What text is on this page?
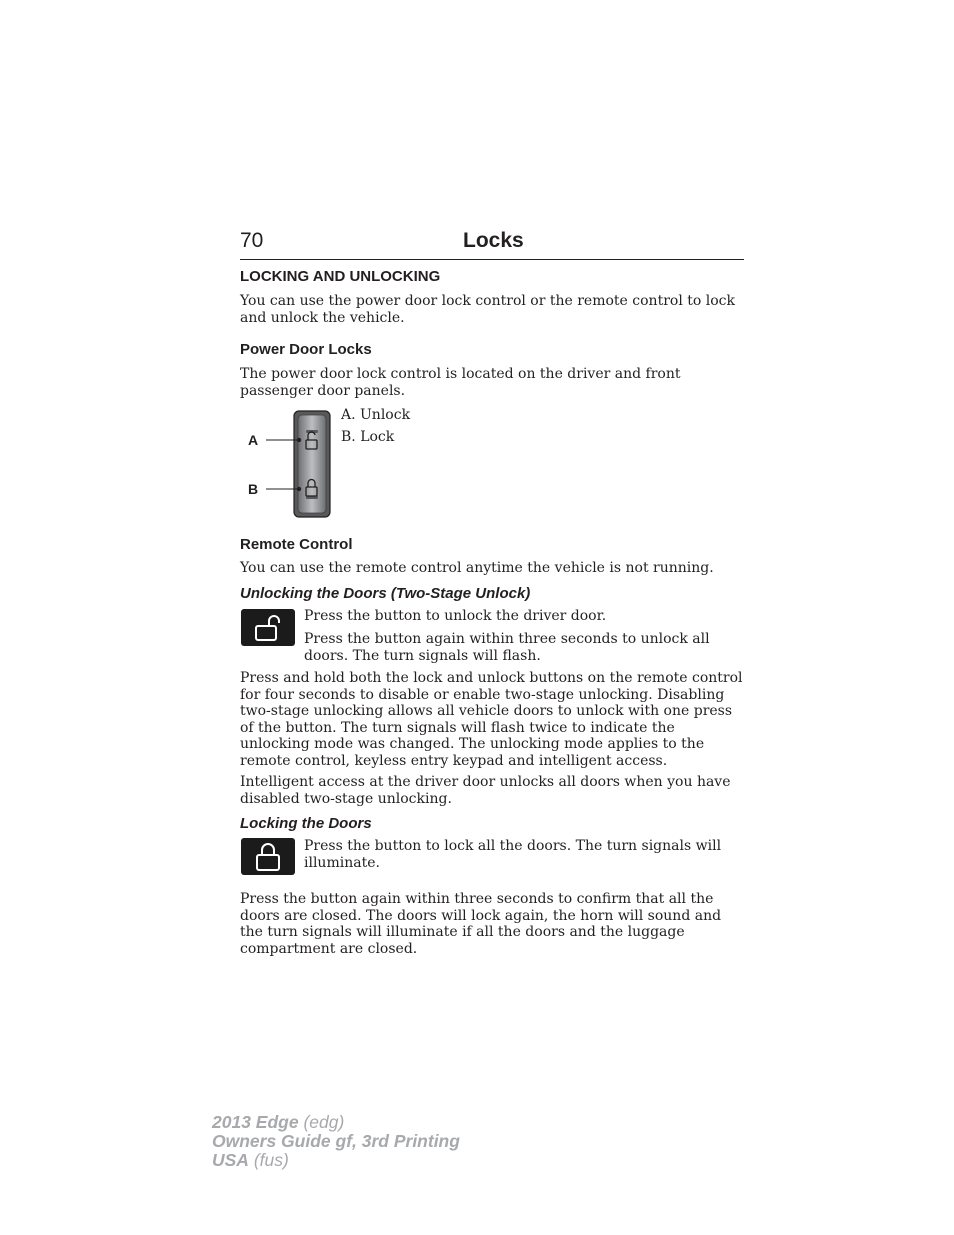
70	Locks
LOCKING AND UNLOCKING
You can use the power door lock control or the remote control to lock and unlock the vehicle.
Power Door Locks
The power door lock control is located on the driver and front passenger door panels.
A
B
A. Unlock
B. Lock
Remote Control
You can use the remote control anytime the vehicle is not running.
Unlocking the Doors (Two-Stage Unlock)
Press the button to unlock the driver door.
Press the button again within three seconds to unlock all doors. The turn signals will flash.
Press and hold both the lock and unlock buttons on the remote control for four seconds to disable or enable two-stage unlocking. Disabling two-stage unlocking allows all vehicle doors to unlock with one press of the button. The turn signals will flash twice to indicate the unlocking mode was changed. The unlocking mode applies to the remote control, keyless entry keypad and intelligent access.
Intelligent access at the driver door unlocks all doors when you have disabled two-stage unlocking.
Locking the Doors
Press the button to lock all the doors. The turn signals will illuminate.
Press the button again within three seconds to confirm that all the doors are closed. The doors will lock again, the horn will sound and the turn signals will illuminate if all the doors and the luggage compartment are closed.
2013 Edge (edg)
Owners Guide gf, 3rd Printing
USA (fus)
